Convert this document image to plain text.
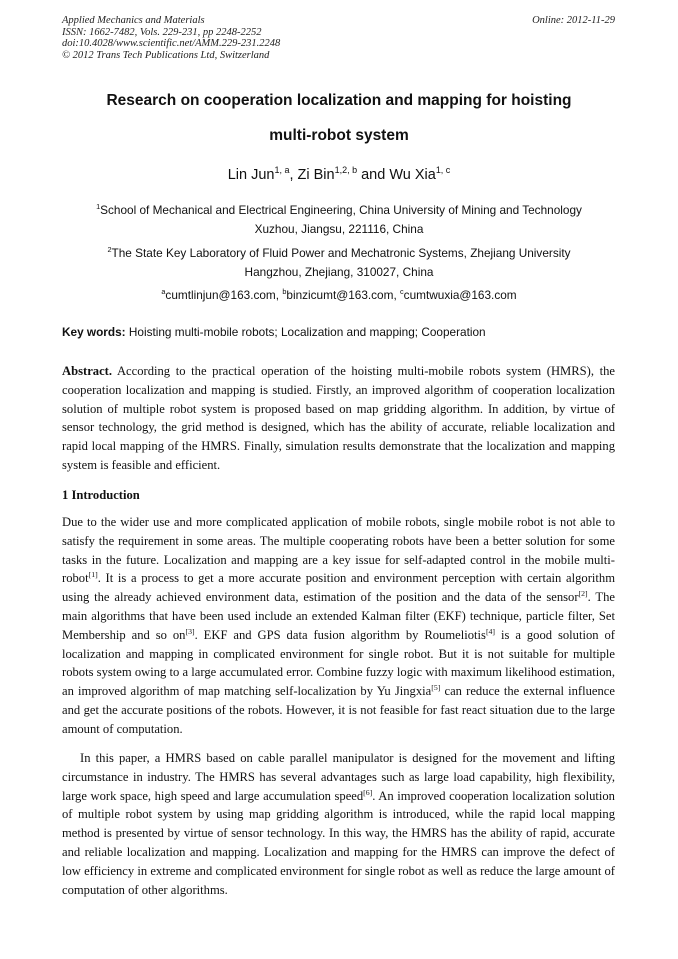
Applied Mechanics and Materials
ISSN: 1662-7482, Vols. 229-231, pp 2248-2252
doi:10.4028/www.scientific.net/AMM.229-231.2248
© 2012 Trans Tech Publications Ltd, Switzerland
Online: 2012-11-29
Research on cooperation localization and mapping for hoisting
multi-robot system
Lin Jun$^{1, a}$, Zi Bin$^{1,2, b}$ and Wu Xia$^{1, c}$
$^1$School of Mechanical and Electrical Engineering, China University of Mining and Technology
Xuzhou, Jiangsu, 221116, China
$^2$The State Key Laboratory of Fluid Power and Mechatronic Systems, Zhejiang University
Hangzhou, Zhejiang, 310027, China
$^a$cumtlinjun@163.com, $^b$binzicumt@163.com, $^c$cumtwuxia@163.com
Key words: Hoisting multi-mobile robots; Localization and mapping; Cooperation
Abstract. According to the practical operation of the hoisting multi-mobile robots system (HMRS), the cooperation localization and mapping is studied. Firstly, an improved algorithm of cooperation localization solution of multiple robot system is proposed based on map gridding algorithm. In addition, by virtue of sensor technology, the grid method is designed, which has the ability of accurate, reliable localization and rapid local mapping of the HMRS. Finally, simulation results demonstrate that the localization and mapping system is feasible and efficient.
1 Introduction
Due to the wider use and more complicated application of mobile robots, single mobile robot is not able to satisfy the requirement in some areas. The multiple cooperating robots have been a better solution for some tasks in the future. Localization and mapping are a key issue for self-adapted control in the mobile multi-robot[1]. It is a process to get a more accurate position and environment perception with certain algorithm using the already achieved environment data, estimation of the position and the data of the sensor[2]. The main algorithms that have been used include an extended Kalman filter (EKF) technique, particle filter, Set Membership and so on[3]. EKF and GPS data fusion algorithm by Roumeliotis[4] is a good solution of localization and mapping in complicated environment for single robot. But it is not suitable for multiple robots system owing to a large accumulated error. Combine fuzzy logic with maximum likelihood estimation, an improved algorithm of map matching self-localization by Yu Jingxia[5] can reduce the external influence and get the accurate positions of the robots. However, it is not feasible for fast react situation due to the large amount of computation.
In this paper, a HMRS based on cable parallel manipulator is designed for the movement and lifting circumstance in industry. The HMRS has several advantages such as large load capability, high flexibility, large work space, high speed and large accumulation speed[6]. An improved cooperation localization solution of multiple robot system by using map gridding algorithm is introduced, while the rapid local mapping method is presented by virtue of sensor technology. In this way, the HMRS has the ability of rapid, accurate and reliable localization and mapping. Localization and mapping for the HMRS can improve the defect of low efficiency in extreme and complicated environment for single robot as well as reduce the large amount of computation of other algorithms.
